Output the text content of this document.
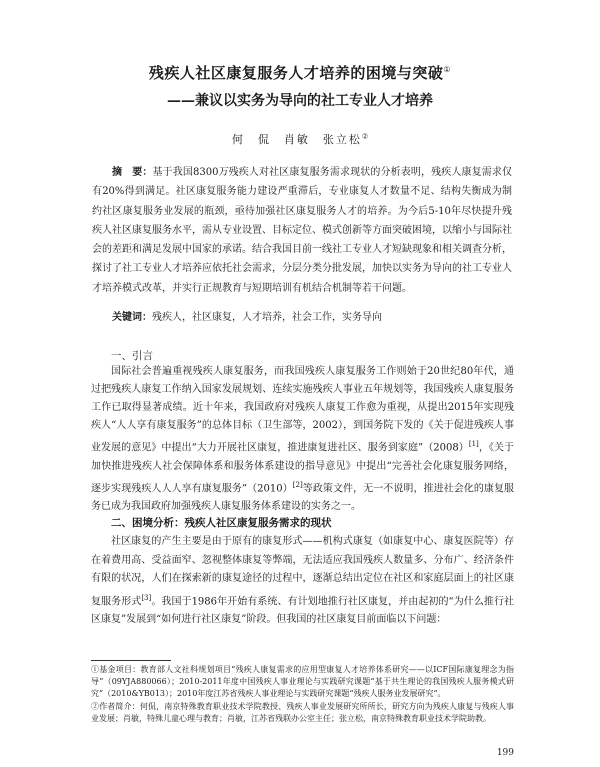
残疾人社区康复服务人才培养的困境与突破①
——兼议以实务为导向的社工专业人才培养
何　侃　肖敏　张立松②
摘　要：基于我国8300万残疾人对社区康复服务需求现状的分析表明，残疾人康复需求仅有20%得到满足。社区康复服务能力建设严重滞后，专业康复人才数量不足、结构失衡成为制约社区康复服务业发展的瓶颈，亟待加强社区康复服务人才的培养。为今后5-10年尽快提升残疾人社区康复服务水平，需从专业设置、目标定位、模式创新等方面突破困境，以缩小与国际社会的差距和满足发展中国家的承诺。结合我国目前一线社工专业人才短缺现象和相关调查分析，探讨了社工专业人才培养应依托社会需求，分层分类分批发展，加快以实务为导向的社工专业人才培养模式改革，并实行正规教育与短期培训有机结合机制等若干问题。
关键词：残疾人，社区康复，人才培养，社会工作，实务导向
一、引言
国际社会普遍重视残疾人康复服务，而我国残疾人康复服务工作则始于20世纪80年代，通过把残疾人康复工作纳入国家发展规划、连续实施残疾人事业五年规划等，我国残疾人康复服务工作已取得显著成绩。近十年来，我国政府对残疾人康复工作愈为重视，从提出2015年实现残疾人“人人享有康复服务”的总体目标（卫生部等，2002），到国务院下发的《关于促进残疾人事业发展的意见》中提出“大力开展社区康复，推进康复进社区、服务到家庭”（2008）[1]，《关于加快推进残疾人社会保障体系和服务体系建设的指导意见》中提出“完善社会化康复服务网络，逐步实现残疾人人人享有康复服务”（2010）[2]等政策文件，无一不说明，推进社会化的康复服务已成为我国政府加强残疾人康复服务体系建设的实务之一。
二、困境分析：残疾人社区康复服务需求的现状
社区康复的产生主要是由于原有的康复形式——机构式康复（如康复中心、康复医院等）存在着费用高、受益面窄、忽视整体康复等弊端，无法适应我国残疾人数量多、分布广、经济条件有限的状况，人们在探索新的康复途径的过程中，逐渐总结出定位在社区和家庭层面上的社区康复服务形式[3]。我国于1986年开始有系统、有计划地推行社区康复，并由起初的“为什么推行社区康复”发展到“如何进行社区康复”阶段。但我国的社区康复目前面临以下问题：

①基金项目：教育部人文社科规划项目“残疾人康复需求的应用型康复人才培养体系研究——以ICF国际康复理念为指导”（09YJA880066）；2010-2011年度中国残疾人事业理论与实践研究课题“基于共生理论的我国残疾人服务模式研究”（2010&YB013）；2010年度江苏省残疾人事业理论与实践研究课题“残疾人服务业发展研究”。

②作者简介：何侃，南京特殊教育职业技术学院教授、残疾人事业发展研究所所长，研究方向为残疾人康复与残疾人事业发展；肖敏，特殊儿童心理与教育；肖敏，江苏省残联办公室主任；张立松，南京特殊教育职业技术学院助教。

199
